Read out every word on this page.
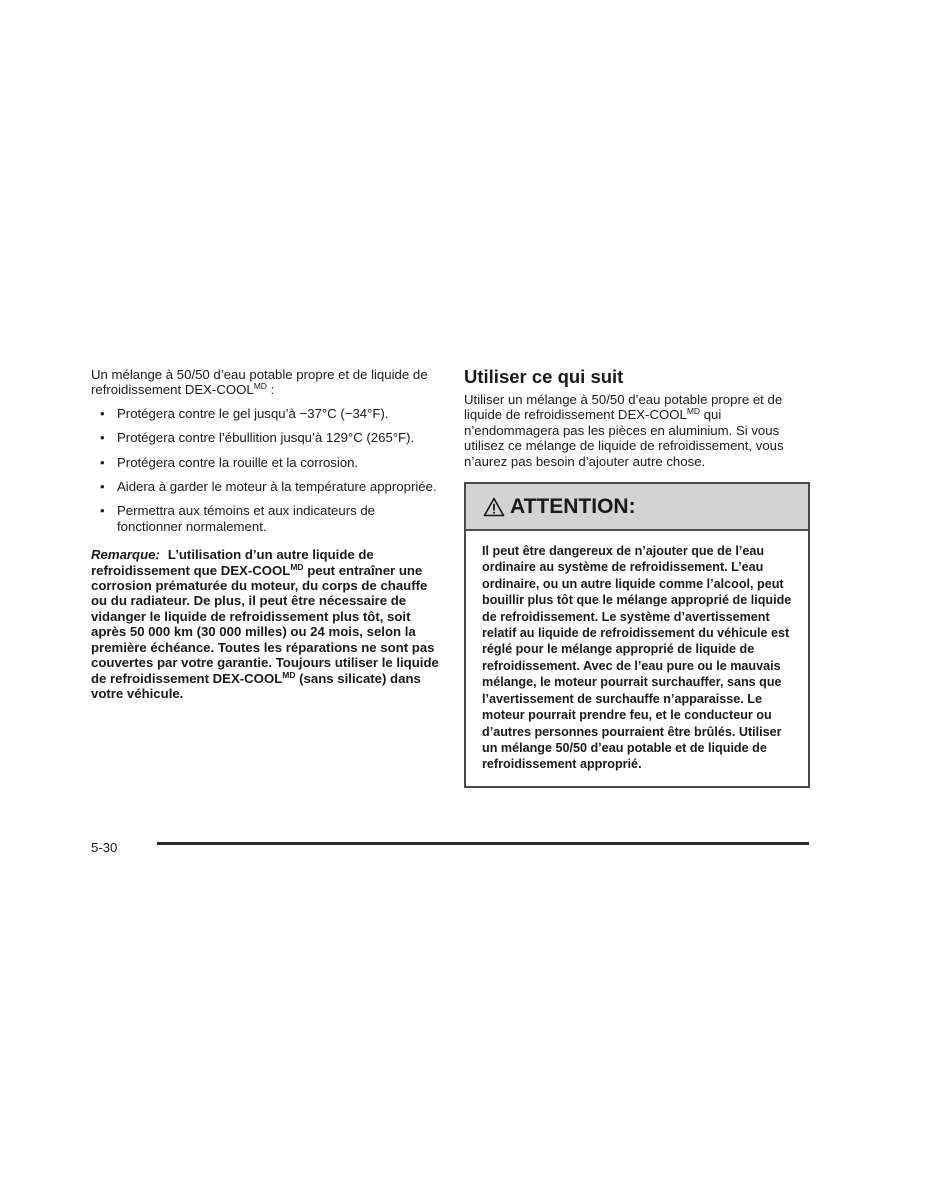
Un mélange à 50/50 d’eau potable propre et de liquide de refroidissement DEX-$COOL^{MD}$ :

• Protégera contre le gel jusqu’à −37°C (−34°F).
• Protégera contre l’ébullition jusqu’à 129°C (265°F).
• Protégera contre la rouille et la corrosion.
• Aidera à garder le moteur à la température appropriée.
• Permettra aux témoins et aux indicateurs de fonctionner normalement.

Remarque: L’utilisation d’un autre liquide de refroidissement que DEX-$COOL^{MD}$ peut entraîner une corrosion prématurée du moteur, du corps de chauffe ou du radiateur. De plus, il peut être nécessaire de vidanger le liquide de refroidissement plus tôt, soit après 50 000 km (30 000 milles) ou 24 mois, selon la première échéance. Toutes les réparations ne sont pas couvertes par votre garantie. Toujours utiliser le liquide de refroidissement DEX-$COOL^{MD}$ (sans silicate) dans votre véhicule.

Utiliser ce qui suit

Utiliser un mélange à 50/50 d’eau potable propre et de liquide de refroidissement DEX-$COOL^{MD}$ qui n’endommagera pas les pièces en aluminium. Si vous utilisez ce mélange de liquide de refroidissement, vous n’aurez pas besoin d’ajouter autre chose.

ATTENTION:
Il peut être dangereux de n’ajouter que de l’eau ordinaire au système de refroidissement. L’eau ordinaire, ou un autre liquide comme l’alcool, peut bouillir plus tôt que le mélange approprié de liquide de refroidissement. Le système d’avertissement relatif au liquide de refroidissement du véhicule est réglé pour le mélange approprié de liquide de refroidissement. Avec de l’eau pure ou le mauvais mélange, le moteur pourrait surchauffer, sans que l’avertissement de surchauffe n’apparaisse. Le moteur pourrait prendre feu, et le conducteur ou d’autres personnes pourraient être brûlés. Utiliser un mélange 50/50 d’eau potable et de liquide de refroidissement approprié.
5-30
